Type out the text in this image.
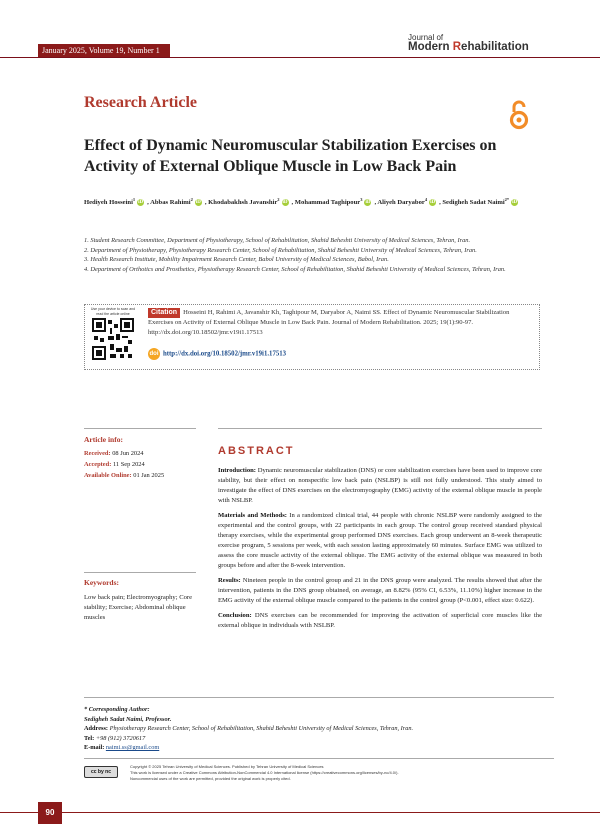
January 2025, Volume 19, Number 1
Journal of
Modern Rehabilitation
Research Article
Effect of Dynamic Neuromuscular Stabilization Exercises on Activity of External Oblique Muscle in Low Back Pain
Hediyeh Hosseini$^1$iD , Abbas Rahimi$^2$iD , Khodabakhsh Javanshir$^2$iD , Mohammad Taghipour$^3$iD , Aliyeh Daryabor$^4$iD , Sedigheh Sadat Naimi$^{2*}$iD
1. Student Research Committee, Department of Physiotherapy, School of Rehabilitation, Shahid Beheshti University of Medical Sciences, Tehran, Iran.
2. Department of Physiotherapy, Physiotherapy Research Center, School of Rehabilitation, Shahid Beheshti University of Medical Sciences, Tehran, Iran.
3. Health Research Institute, Mobility Impairment Research Center, Babol University of Medical Sciences, Babol, Iran.
4. Department of Orthotics and Prosthetics, Physiotherapy Research Center, School of Rehabilitation, Shahid Beheshti University of Medical Sciences, Tehran, Iran.
Use your device to scan and read the article online	Citation Hosseini H, Rahimi A, Javanshir Kh, Taghipour M, Daryabor A, Naimi SS. Effect of Dynamic Neuromuscular Stabilization Exercises on Activity of External Oblique Muscle in Low Back Pain. Journal of Modern Rehabilitation. 2025; 19(1):90-97. http://dx.doi.org/10.18502/jmr.v19i1.17513
doi http://dx.doi.org/10.18502/jmr.v19i1.17513
Article info:
Received: 08 Jun 2024
Accepted: 11 Sep 2024
Available Online: 01 Jan 2025
Keywords:
Low back pain; Electromyography; Core stability; Exercise; Abdominal oblique muscles
ABSTRACT

Introduction: Dynamic neuromuscular stabilization (DNS) or core stabilization exercises have been used to improve core stability, but their effect on nonspecific low back pain (NSLBP) is still not fully understood. This study aimed to investigate the effect of DNS exercises on the electromyography (EMG) activity of the external oblique muscle in people with NSLBP.

Materials and Methods: In a randomized clinical trial, 44 people with chronic NSLBP were randomly assigned to the experimental and the control groups, with 22 participants in each group. The control group received standard physical therapy exercises, while the experimental group performed DNS exercises. Each group underwent an 8-week therapeutic exercise program, 5 sessions per week, with each session lasting approximately 60 minutes. Surface EMG was utilized to assess the core muscle activity of the external oblique. The EMG activity of the external oblique was measured in both groups before and after the 8-week intervention.

Results: Nineteen people in the control group and 21 in the DNS group were analyzed. The results showed that after the intervention, patients in the DNS group obtained, on average, an 8.82% (95% CI, 6.53%, 11.10%) higher increase in the EMG activity of the external oblique muscle compared to the patients in the control group (P<0.001, effect size: 0.622).

Conclusion: DNS exercises can be recommended for improving the activation of superficial core muscles like the external oblique in individuals with NSLBP.

* Corresponding Author:
Sedigheh Sadat Naimi, Professor.
Address: Physiotherapy Research Center, School of Rehabilitation, Shahid Beheshti University of Medical Sciences, Tehran, Iran.
Tel: +98 (912) 3720617
E-mail: naimi.ss@gmail.com
cc by nc
Copyright © 2025 Tehran University of Medical Sciences. Published by Tehran University of Medical Sciences
This work is licensed under a Creative Commons Attribution-NonCommercial 4.0 International license (https://creativecommons.org/licenses/by-nc/4.0/).
Noncommercial uses of the work are permitted, provided the original work is properly cited.
90
